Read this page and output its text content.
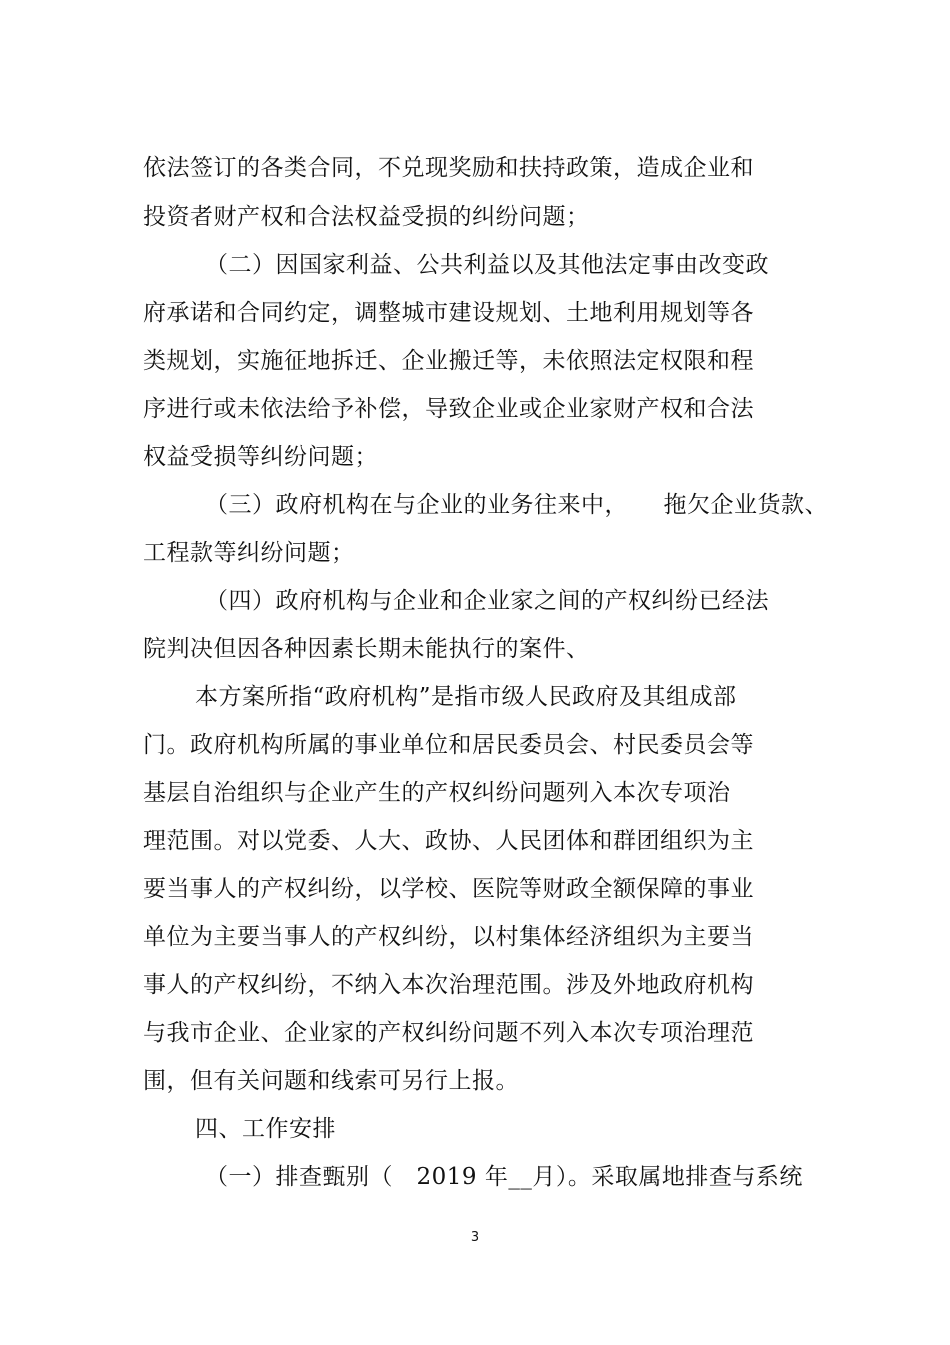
依法签订的各类合同，不兑现奖励和扶持政策，造成企业和
投资者财产权和合法权益受损的纠纷问题；
（二）因国家利益、公共利益以及其他法定事由改变政
府承诺和合同约定，调整城市建设规划、土地利用规划等各
类规划，实施征地拆迁、企业搬迁等，未依照法定权限和程
序进行或未依法给予补偿，导致企业或企业家财产权和合法
权益受损等纠纷问题；
（三）政府机构在与企业的业务往来中，　　拖欠企业货款、
工程款等纠纷问题；
（四）政府机构与企业和企业家之间的产权纠纷已经法
院判决但因各种因素长期未能执行的案件、
本方案所指“政府机构”是指市级人民政府及其组成部
门。政府机构所属的事业单位和居民委员会、村民委员会等
基层自治组织与企业产生的产权纠纷问题列入本次专项治
理范围。对以党委、人大、政协、人民团体和群团组织为主
要当事人的产权纠纷，以学校、医院等财政全额保障的事业
单位为主要当事人的产权纠纷，以村集体经济组织为主要当
事人的产权纠纷，不纳入本次治理范围。涉及外地政府机构
与我市企业、企业家的产权纠纷问题不列入本次专项治理范
围，但有关问题和线索可另行上报。
四、工作安排
（一）排查甄别（　2019 年__月）。采取属地排查与系统
3
